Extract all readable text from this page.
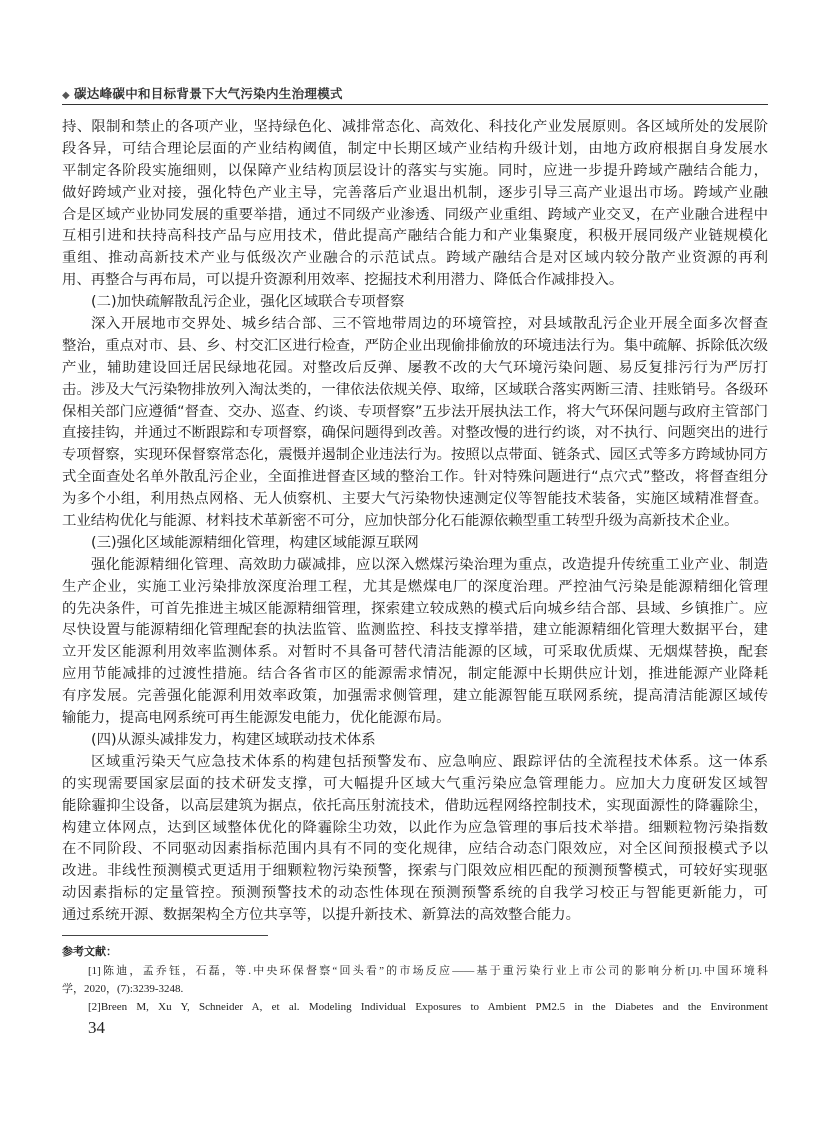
◆ 碳达峰碳中和目标背景下大气污染内生治理模式
持、限制和禁止的各项产业，坚持绿色化、减排常态化、高效化、科技化产业发展原则。各区域所处的发展阶
段各异，可结合理论层面的产业结构阈值，制定中长期区域产业结构升级计划，由地方政府根据自身发展水
平制定各阶段实施细则，以保障产业结构顶层设计的落实与实施。同时，应进一步提升跨域产融结合能力，
做好跨域产业对接，强化特色产业主导，完善落后产业退出机制，逐步引导三高产业退出市场。跨域产业融
合是区域产业协同发展的重要举措，通过不同级产业渗透、同级产业重组、跨域产业交叉，在产业融合进程中
互相引进和扶持高科技产品与应用技术，借此提高产融结合能力和产业集聚度，积极开展同级产业链规模化
重组、推动高新技术产业与低级次产业融合的示范试点。跨域产融结合是对区域内较分散产业资源的再利
用、再整合与再布局，可以提升资源利用效率、挖掘技术利用潜力、降低合作减排投入。
(二)加快疏解散乱污企业，强化区域联合专项督察
深入开展地市交界处、城乡结合部、三不管地带周边的环境管控，对县域散乱污企业开展全面多次督查
整治，重点对市、县、乡、村交汇区进行检查，严防企业出现偷排偷放的环境违法行为。集中疏解、拆除低次级
产业，辅助建设回迁居民绿地花园。对整改后反弹、屡教不改的大气环境污染问题、易反复排污行为严厉打
击。涉及大气污染物排放列入淘汰类的，一律依法依规关停、取缔，区域联合落实两断三清、挂账销号。各级环
保相关部门应遵循“督查、交办、巡查、约谈、专项督察”五步法开展执法工作，将大气环保问题与政府主管部门
直接挂钩，并通过不断跟踪和专项督察，确保问题得到改善。对整改慢的进行约谈，对不执行、问题突出的进行
专项督察，实现环保督察常态化，震慑并遏制企业违法行为。按照以点带面、链条式、园区式等多方跨域协同方
式全面查处名单外散乱污企业，全面推进督查区域的整治工作。针对特殊问题进行“点穴式”整改，将督查组分
为多个小组，利用热点网格、无人侦察机、主要大气污染物快速测定仪等智能技术装备，实施区域精准督查。
工业结构优化与能源、材料技术革新密不可分，应加快部分化石能源依赖型重工转型升级为高新技术企业。
(三)强化区域能源精细化管理，构建区域能源互联网
强化能源精细化管理、高效助力碳减排，应以深入燃煤污染治理为重点，改造提升传统重工业产业、制造
生产企业，实施工业污染排放深度治理工程，尤其是燃煤电厂的深度治理。严控油气污染是能源精细化管理
的先决条件，可首先推进主城区能源精细管理，探索建立较成熟的模式后向城乡结合部、县域、乡镇推广。应
尽快设置与能源精细化管理配套的执法监管、监测监控、科技支撑举措，建立能源精细化管理大数据平台，建
立开发区能源利用效率监测体系。对暂时不具备可替代清洁能源的区域，可采取优质煤、无烟煤替换，配套
应用节能减排的过渡性措施。结合各省市区的能源需求情况，制定能源中长期供应计划，推进能源产业降耗
有序发展。完善强化能源利用效率政策，加强需求侧管理，建立能源智能互联网系统，提高清洁能源区域传
输能力，提高电网系统可再生能源发电能力，优化能源布局。
(四)从源头减排发力，构建区域联动技术体系
区域重污染天气应急技术体系的构建包括预警发布、应急响应、跟踪评估的全流程技术体系。这一体系
的实现需要国家层面的技术研发支撑，可大幅提升区域大气重污染应急管理能力。应加大力度研发区域智
能除霾抑尘设备，以高层建筑为据点，依托高压射流技术，借助远程网络控制技术，实现面源性的降霾除尘，
构建立体网点，达到区域整体优化的降霾除尘功效，以此作为应急管理的事后技术举措。细颗粒物污染指数
在不同阶段、不同驱动因素指标范围内具有不同的变化规律，应结合动态门限效应，对全区间预报模式予以
改进。非线性预测模式更适用于细颗粒物污染预警，探索与门限效应相匹配的预测预警模式，可较好实现驱
动因素指标的定量管控。预测预警技术的动态性体现在预测预警系统的自我学习校正与智能更新能力，可
通过系统开源、数据架构全方位共享等，以提升新技术、新算法的高效整合能力。
参考文献：
[1]陈迪，孟乔钰，石磊，等.中央环保督察“回头看”的市场反应——基于重污染行业上市公司的影响分析[J].中国环境科
学，2020，(7):3239-3248.
[2]Breen M, Xu Y, Schneider A, et al. Modeling Individual Exposures to Ambient PM2.5 in the Diabetes and the Environment
34
